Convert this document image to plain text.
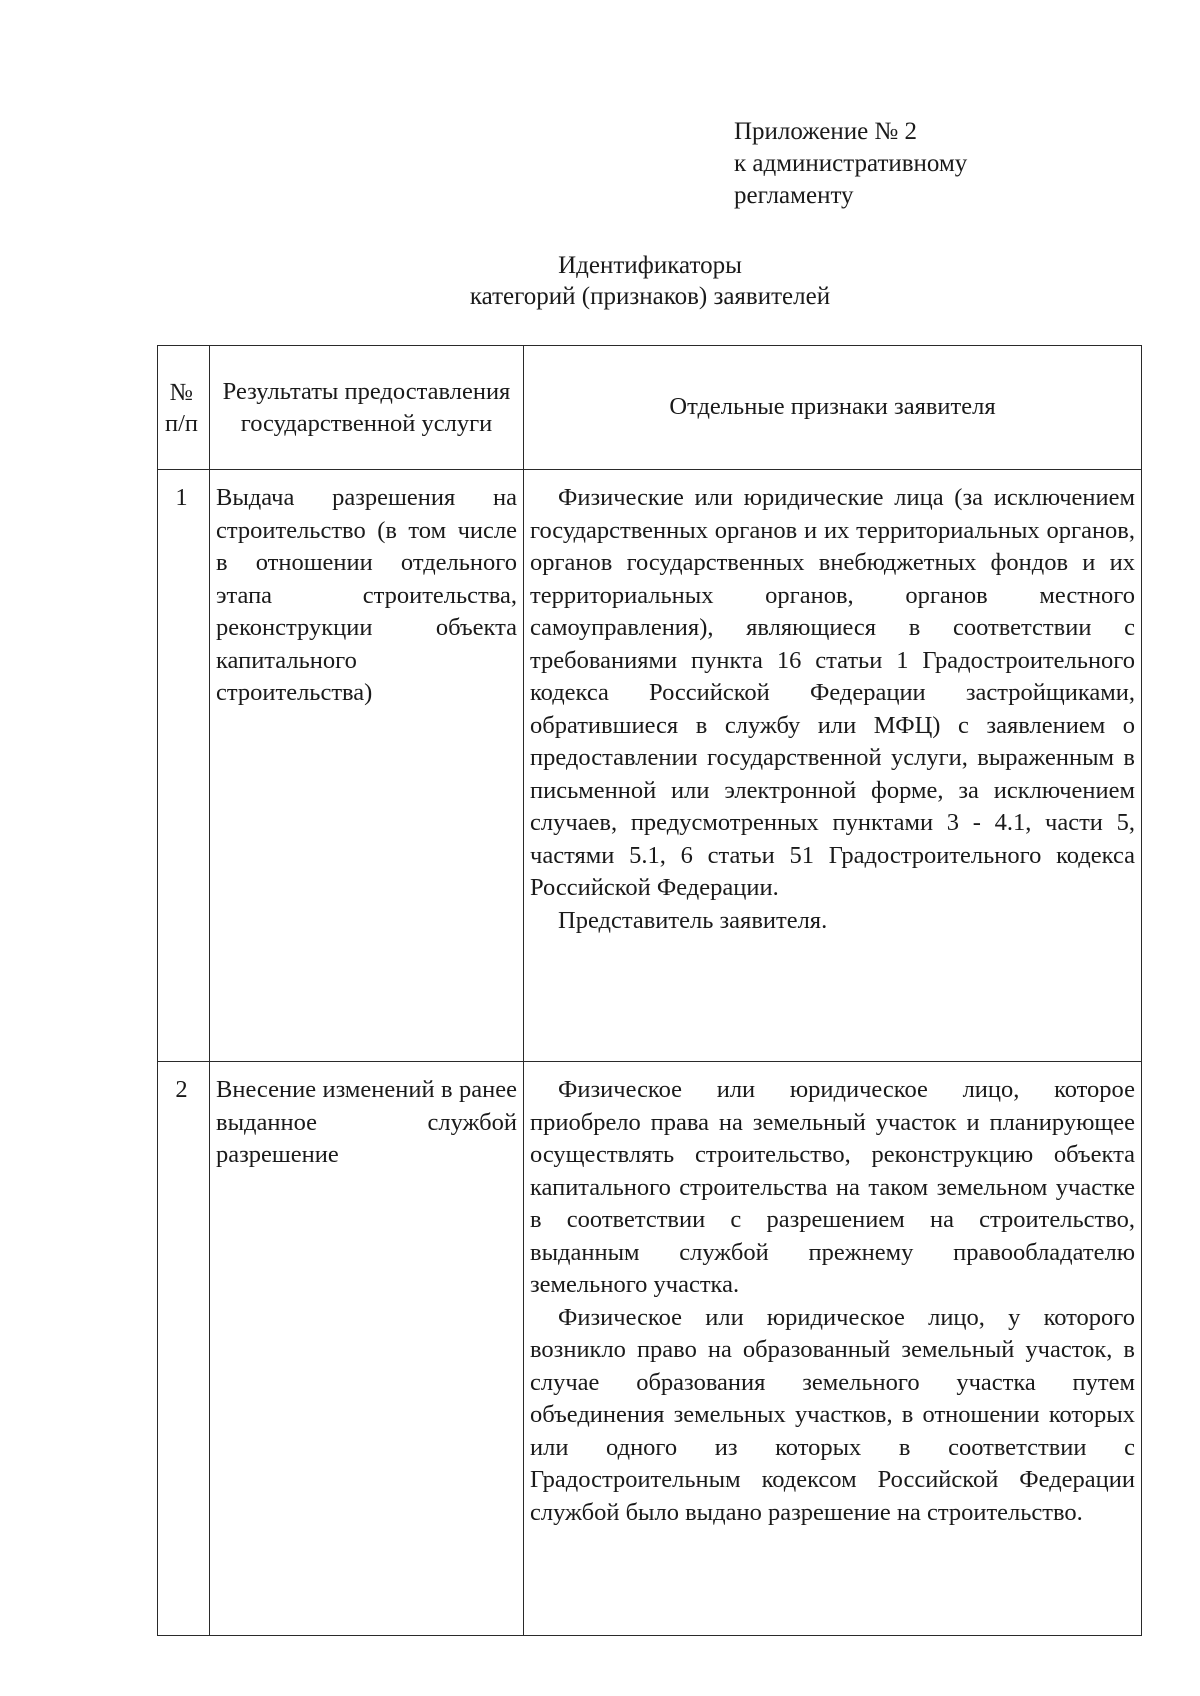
Приложение № 2
к административному
регламенту
Идентификаторы
категорий (признаков) заявителей
№ п/п	Результаты предоставления государственной услуги	Отдельные признаки заявителя
1	Выдача разрешения на строительство (в том числе в отношении отдельного этапа строительства, реконструкции объекта капитального строительства)	Физические или юридические лица (за исключением государственных органов и их территориальных органов, органов государственных внебюджетных фондов и их территориальных органов, органов местного самоуправления), являющиеся в соответствии с требованиями пункта 16 статьи 1 Градостроительного кодекса Российской Федерации застройщиками, обратившиеся в службу или МФЦ) с заявлением о предоставлении государственной услуги, выраженным в письменной или электронной форме, за исключением случаев, предусмотренных пунктами 3 - 4.1, части 5, частями 5.1, 6 статьи 51 Градостроительного кодекса Российской Федерации.

Представитель заявителя.

2	Внесение изменений в ранее выданное службой разрешение	Физическое или юридическое лицо, которое приобрело права на земельный участок и планирующее осуществлять строительство, реконструкцию объекта капитального строительства на таком земельном участке в соответствии с разрешением на строительство, выданным службой прежнему правообладателю земельного участка.

Физическое или юридическое лицо, у которого возникло право на образованный земельный участок, в случае образования земельного участка путем объединения земельных участков, в отношении которых или одного из которых в соответствии с Градостроительным кодексом Российской Федерации службой было выдано разрешение на строительство.
